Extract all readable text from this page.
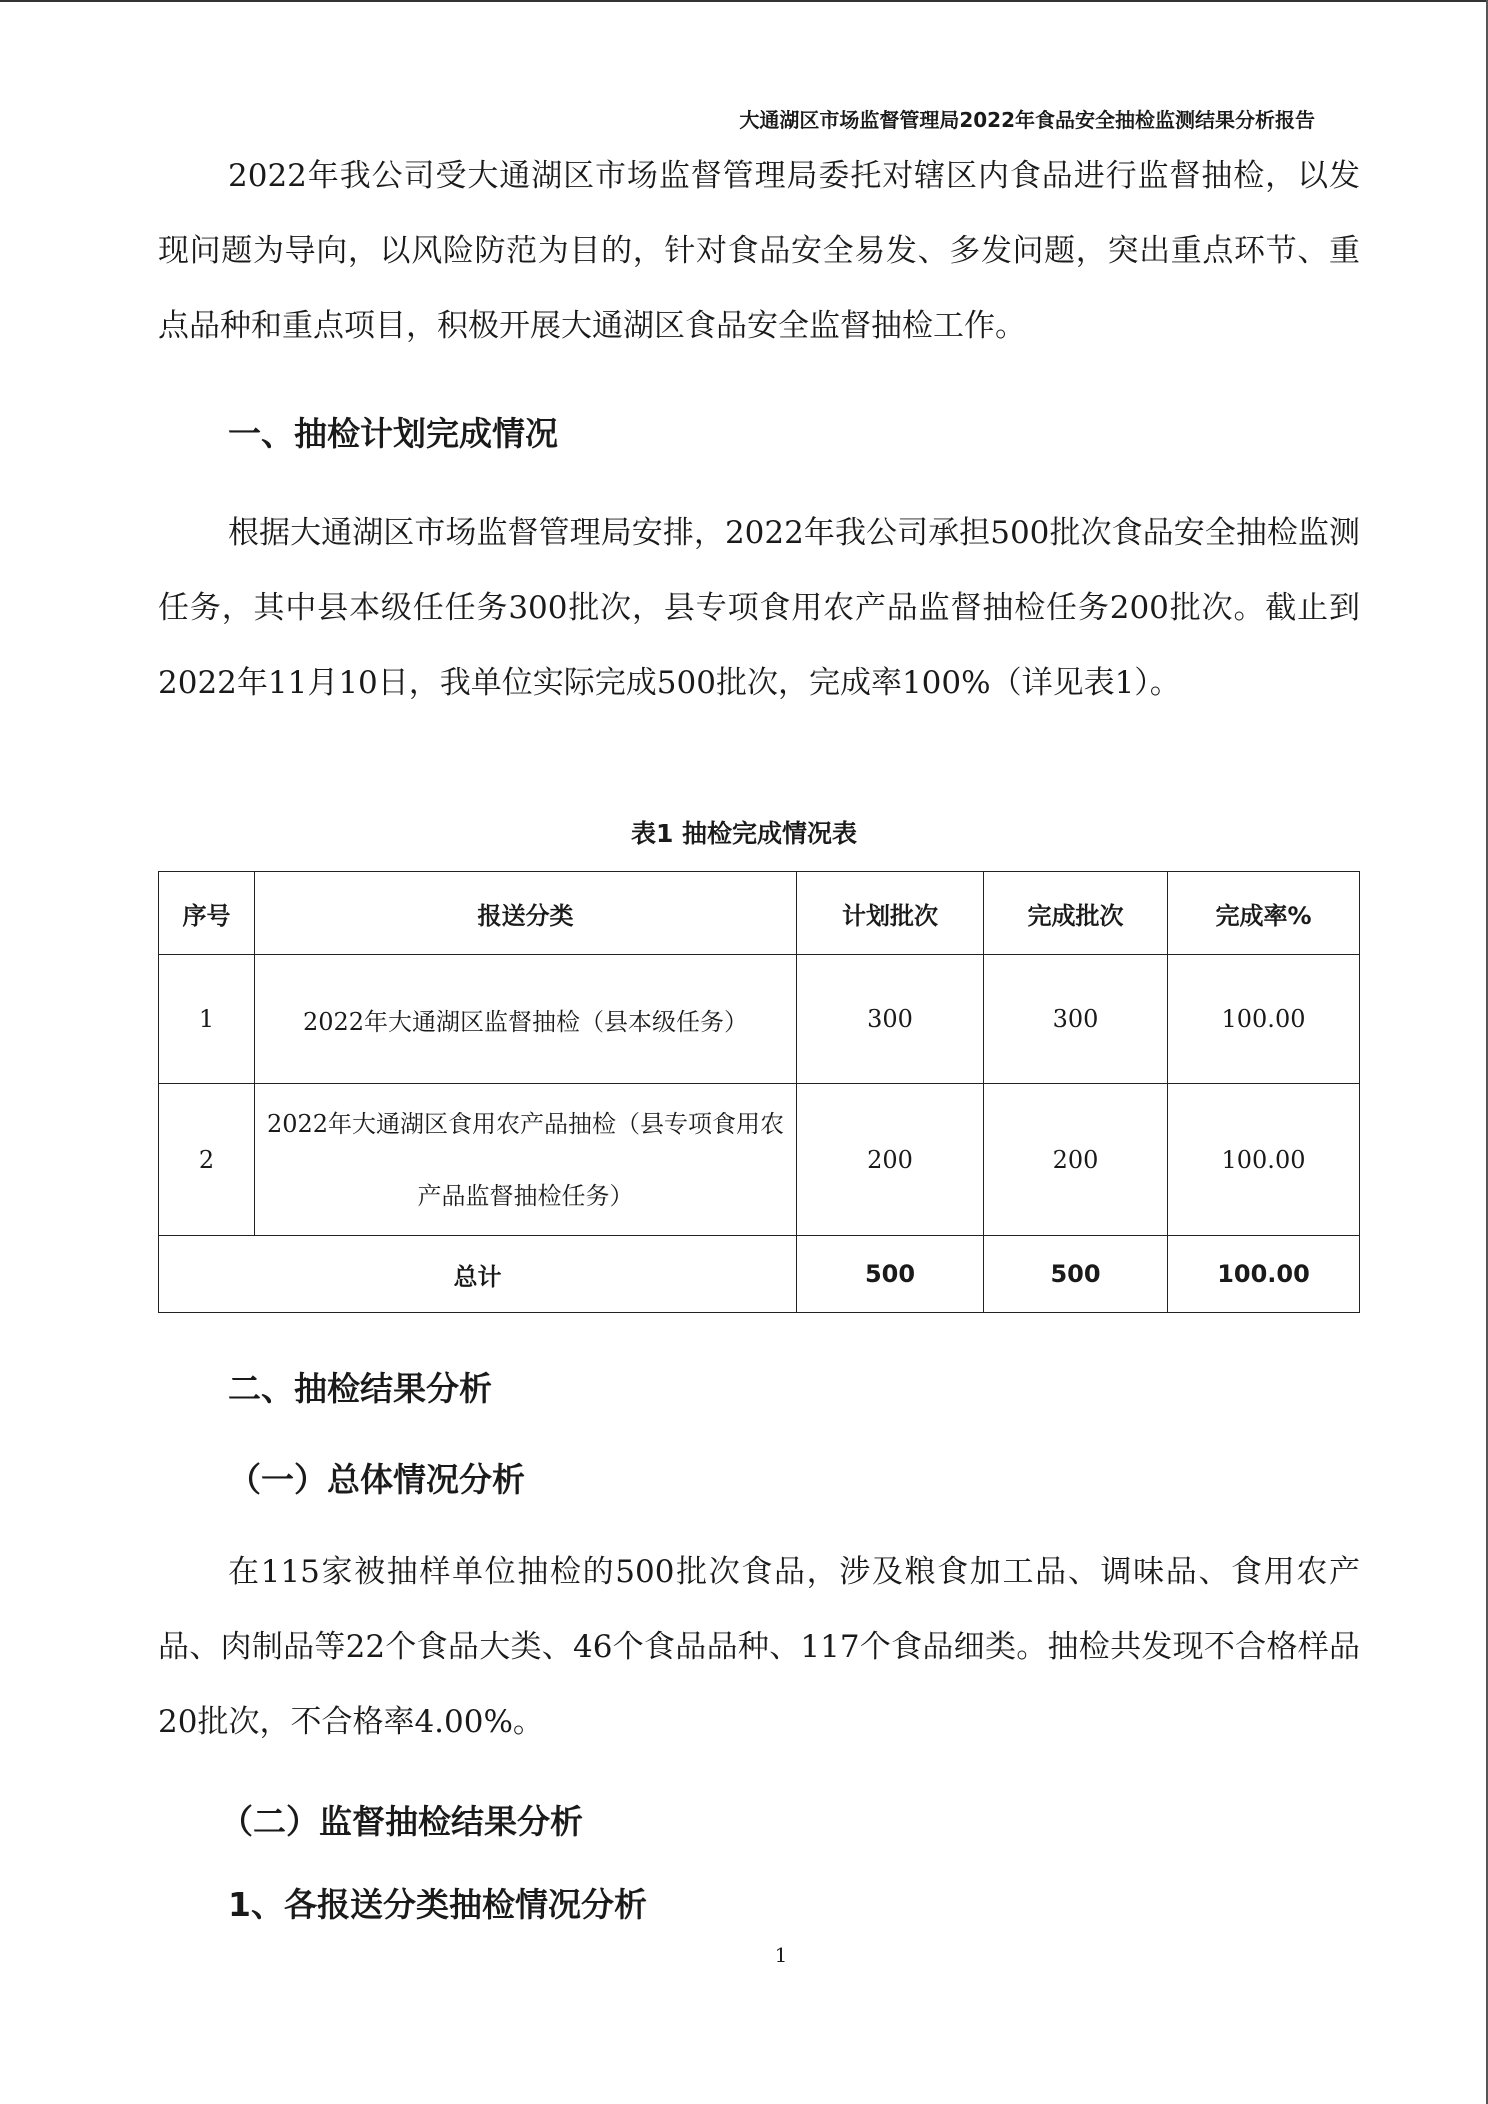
大通湖区市场监督管理局2022年食品安全抽检监测结果分析报告

2022年我公司受大通湖区市场监督管理局委托对辖区内食品进行监督抽检，以发现问题为导向，以风险防范为目的，针对食品安全易发、多发问题，突出重点环节、重点品种和重点项目，积极开展大通湖区食品安全监督抽检工作。

一、抽检计划完成情况

根据大通湖区市场监督管理局安排，2022年我公司承担500批次食品安全抽检监测任务，其中县本级任任务300批次，县专项食用农产品监督抽检任务200批次。截止到2022年11月10日，我单位实际完成500批次，完成率100%（详见表1）。

表1 抽检完成情况表
序号	报送分类	计划批次	完成批次	完成率%
1	2022年大通湖区监督抽检（县本级任务）	300	300	100.00
2	2022年大通湖区食用农产品抽检（县专项食用农产品监督抽检任务）	200	200	100.00
总计		500	500	100.00
二、抽检结果分析
（一）总体情况分析

在115家被抽样单位抽检的500批次食品，涉及粮食加工品、调味品、食用农产品、肉制品等22个食品大类、46个食品品种、117个食品细类。抽检共发现不合格样品20批次，不合格率4.00%。

（二）监督抽检结果分析
1、各报送分类抽检情况分析
1
